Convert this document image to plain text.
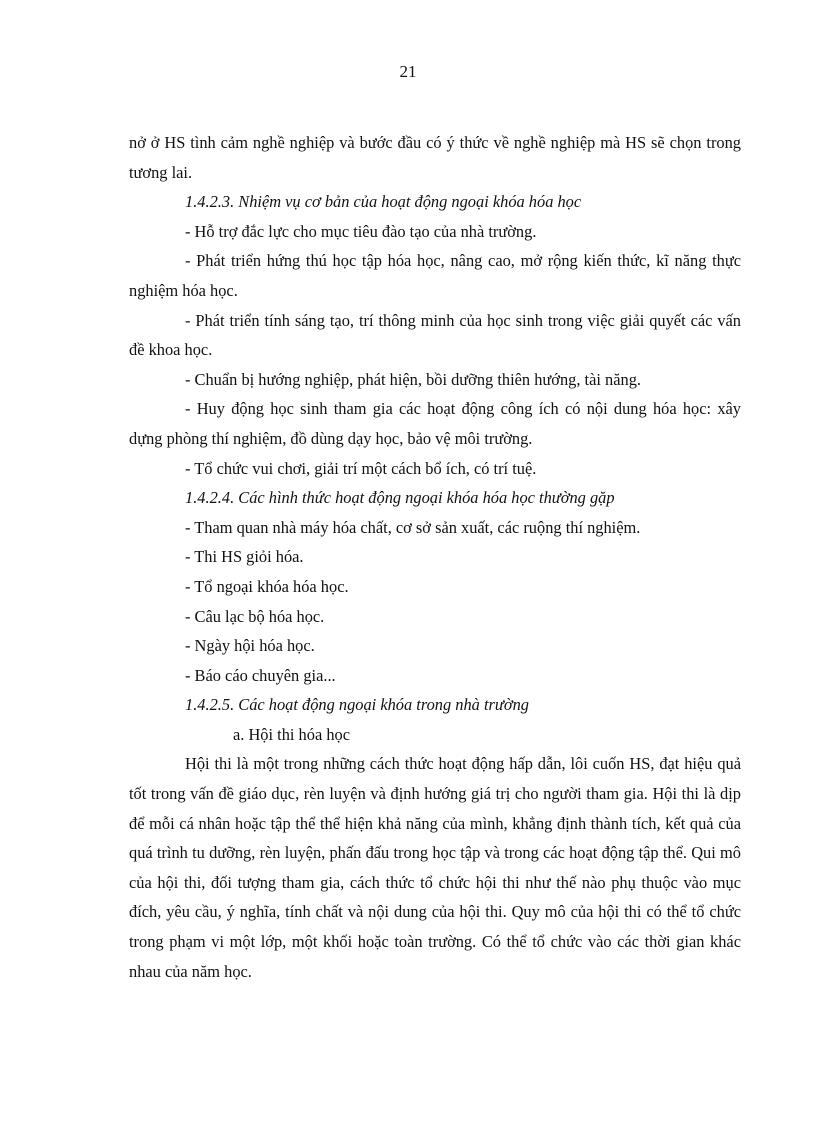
21

nở ở HS tình cảm nghề nghiệp và bước đầu có ý thức về nghề nghiệp mà HS sẽ chọn trong tương lai.

1.4.2.3. Nhiệm vụ cơ bản của hoạt động ngoại khóa hóa học

- Hỗ trợ đắc lực cho mục tiêu đào tạo của nhà trường.

- Phát triển hứng thú học tập hóa học, nâng cao, mở rộng kiến thức, kĩ năng thực nghiệm hóa học.

- Phát triển tính sáng tạo, trí thông minh của học sinh trong việc giải quyết các vấn đề khoa học.

- Chuẩn bị hướng nghiệp, phát hiện, bồi dưỡng thiên hướng, tài năng.

- Huy động học sinh tham gia các hoạt động công ích có nội dung hóa học: xây dựng phòng thí nghiệm, đồ dùng dạy học, bảo vệ môi trường.

- Tổ chức vui chơi, giải trí một cách bổ ích, có trí tuệ.

1.4.2.4. Các hình thức hoạt động ngoại khóa hóa học thường gặp

- Tham quan nhà máy hóa chất, cơ sở sản xuất, các ruộng thí nghiệm.

- Thi HS giỏi hóa.

- Tổ ngoại khóa hóa học.

- Câu lạc bộ hóa học.

- Ngày hội hóa học.

- Báo cáo chuyên gia...

1.4.2.5. Các hoạt động ngoại khóa trong nhà trường

a. Hội thi hóa học

Hội thi là một trong những cách thức hoạt động hấp dẫn, lôi cuốn HS, đạt hiệu quả tốt trong vấn đề giáo dục, rèn luyện và định hướng giá trị cho người tham gia. Hội thi là dịp để mỗi cá nhân hoặc tập thể thể hiện khả năng của mình, khẳng định thành tích, kết quả của quá trình tu dưỡng, rèn luyện, phấn đấu trong học tập và trong các hoạt động tập thể. Qui mô của hội thi, đối tượng tham gia, cách thức tổ chức hội thi như thế nào phụ thuộc vào mục đích, yêu cầu, ý nghĩa, tính chất và nội dung của hội thi. Quy mô của hội thi có thể tổ chức trong phạm vi một lớp, một khối hoặc toàn trường. Có thể tổ chức vào các thời gian khác nhau của năm học.
